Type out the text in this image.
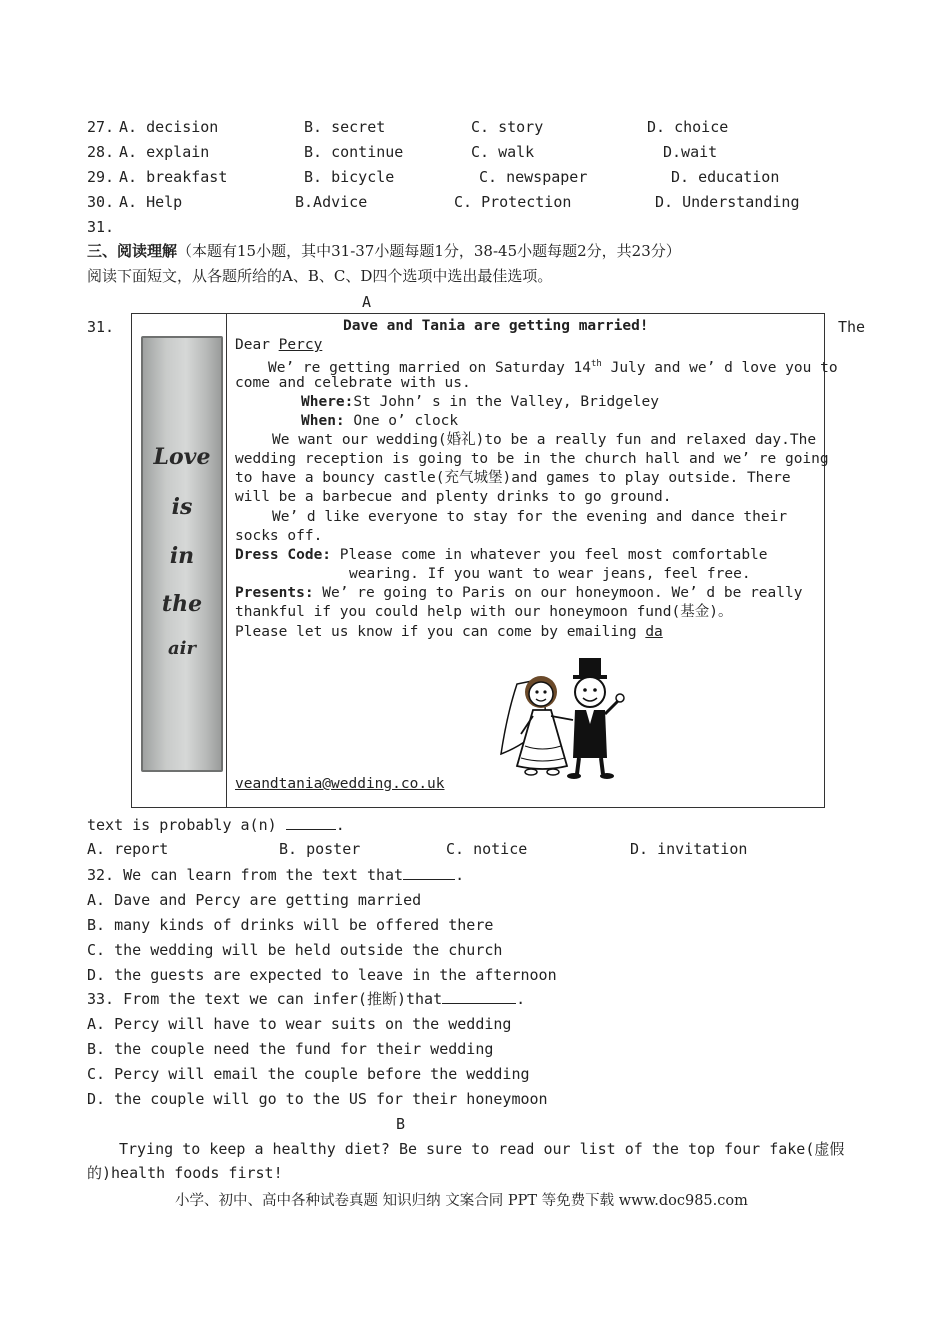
27. A. decision	B. secret	C. story	D. choice
28. A. explain	B. continue	C. walk	D.wait
29. A. breakfast	B. bicycle	C. newspaper	D. education
30. A. Help	B.Advice	C. Protection	D. Understanding
31.
三、阅读理解（本题有15小题，其中31-37小题每题1分，38-45小题每题2分，共23分）
阅读下面短文，从各题所给的A、B、C、D四个选项中选出最佳选项。
A
31.	The
Love
is
in
the
air
Dave and Tania are getting married!
Dear Percy
We’ re getting married on Saturday 14th July and we’ d love you to
come and celebrate with us.
Where:St John’ s in the Valley, Bridgeley
When: One o’ clock
We want our wedding(婚礼)to be a really fun and relaxed day.The
wedding reception is going to be in the church hall and we’ re going
to have a bouncy castle(充气城堡)and games to play outside. There
will be a barbecue and plenty drinks to go ground.
We’ d like everyone to stay for the evening and dance their
socks off.
Dress Code: Please come in whatever you feel most comfortable
wearing. If you want to wear jeans, feel free.
Presents: We’ re going to Paris on our honeymoon. We’ d be really
thankful if you could help with our honeymoon fund(基金)。
Please let us know if you can come by emailing da
veandtania@wedding.co.uk
text is probably a(n)	.
A. report	B. poster	C. notice	D. invitation
32. We can learn from the text that	.
A. Dave and Percy are getting married
B. many kinds of drinks will be offered there
C. the wedding will be held outside the church
D. the guests are expected to leave in the afternoon
33. From the text we can infer(推断)that	.
A. Percy will have to wear suits on the wedding
B. the couple need the fund for their wedding
C. Percy will email the couple before the wedding
D. the couple will go to the US for their honeymoon
B
Trying to keep a healthy diet? Be sure to read our list of the top four fake(虚假
的)health foods first!
小学、初中、高中各种试卷真题 知识归纳 文案合同 PPT 等免费下载 www.doc985.com
